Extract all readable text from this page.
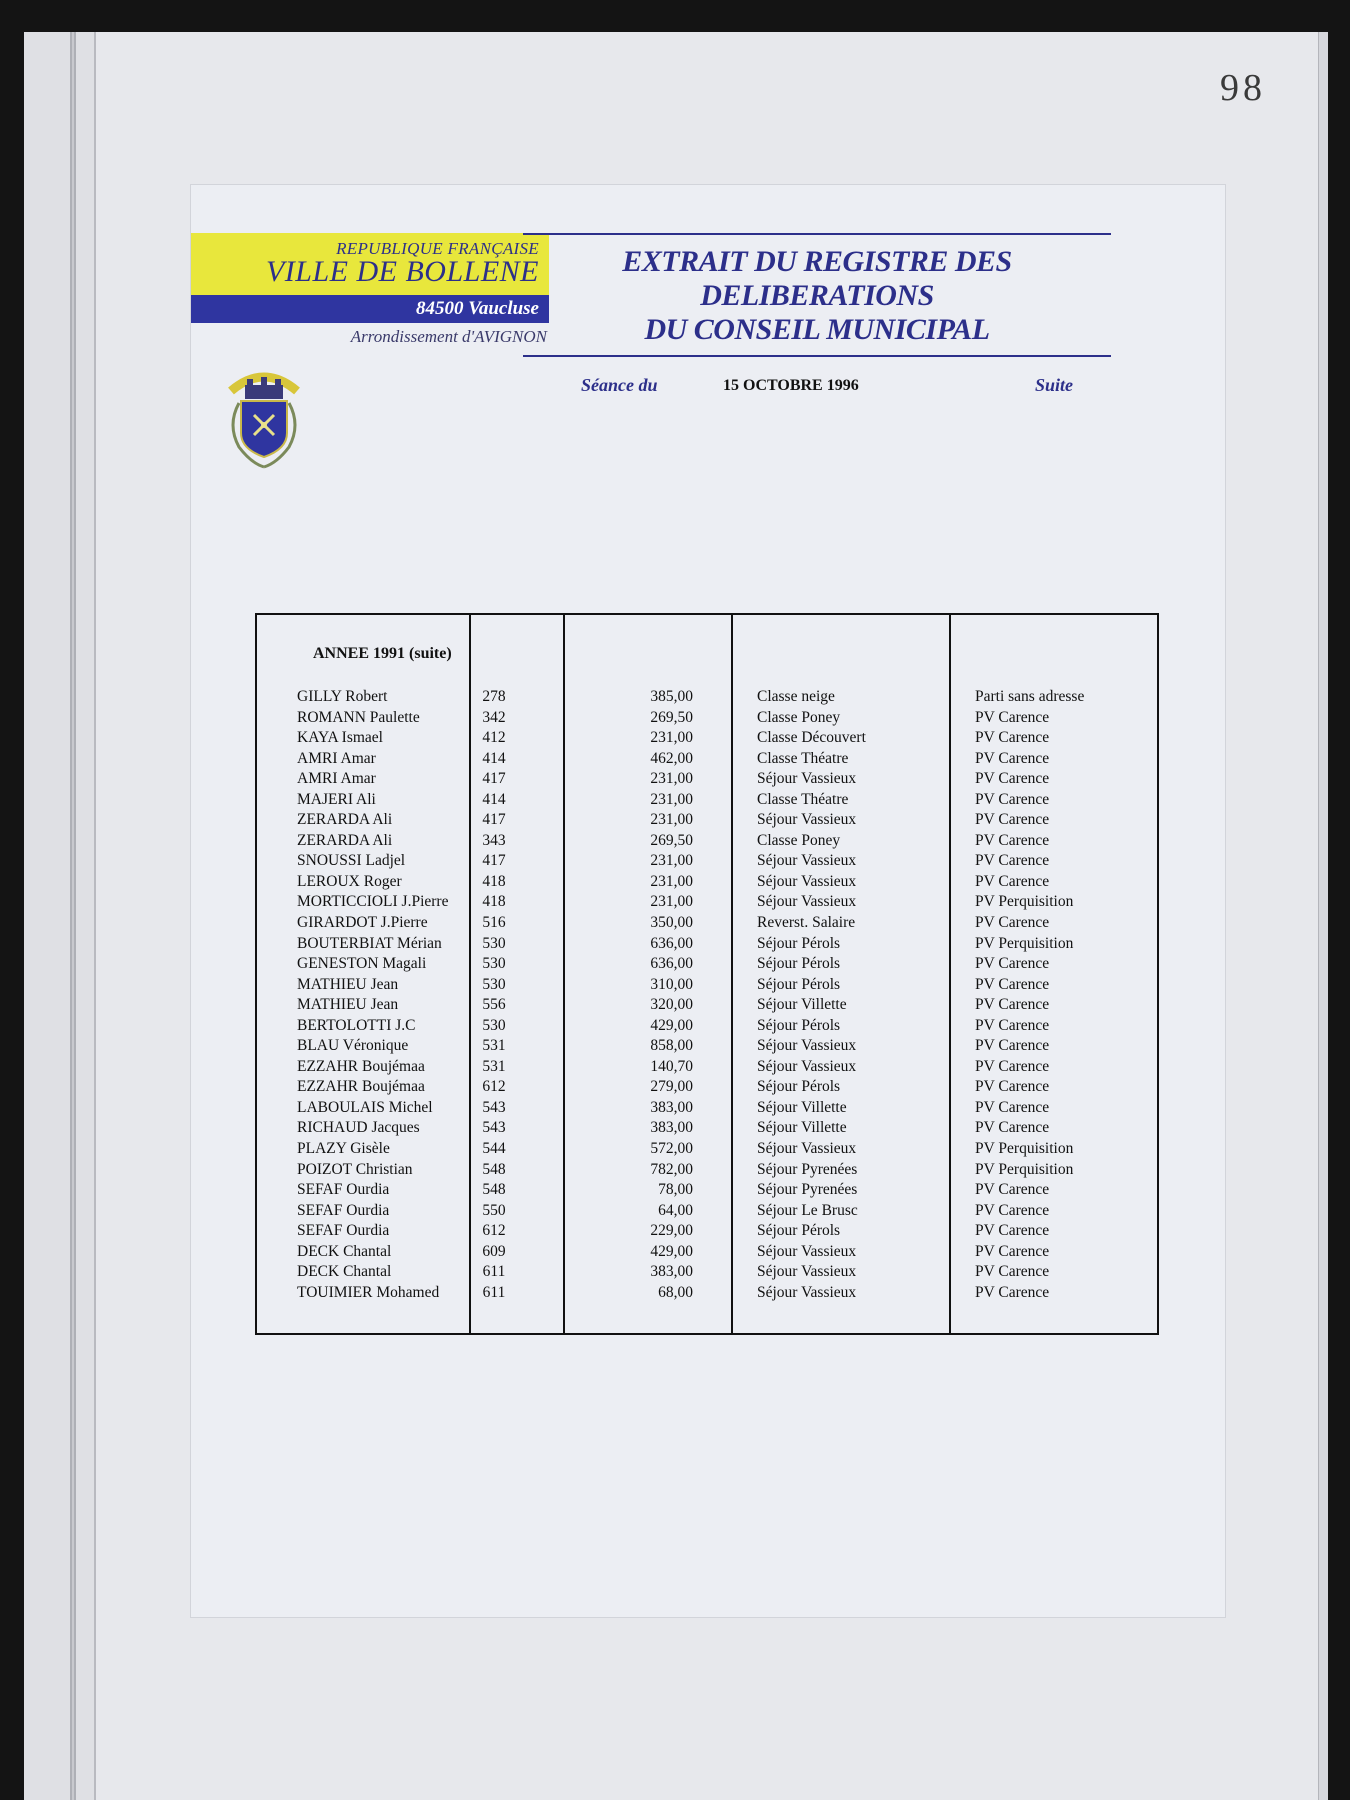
98
REPUBLIQUE FRANÇAISE
VILLE DE BOLLENE
84500 Vaucluse
Arrondissement d'AVIGNON
EXTRAIT DU REGISTRE DES DELIBERATIONS
DU CONSEIL MUNICIPAL
Séance du	15 OCTOBRE 1996	Suite
ANNEE 1991 (suite)
GILLY Robert	278	385,00	Classe neige	Parti sans adresse
ROMANN Paulette	342	269,50	Classe Poney	PV Carence
KAYA Ismael	412	231,00	Classe Découvert	PV Carence
AMRI Amar	414	462,00	Classe Théatre	PV Carence
AMRI Amar	417	231,00	Séjour Vassieux	PV Carence
MAJERI Ali	414	231,00	Classe Théatre	PV Carence
ZERARDA Ali	417	231,00	Séjour Vassieux	PV Carence
ZERARDA Ali	343	269,50	Classe Poney	PV Carence
SNOUSSI Ladjel	417	231,00	Séjour Vassieux	PV Carence
LEROUX Roger	418	231,00	Séjour Vassieux	PV Carence
MORTICCIOLI J.Pierre	418	231,00	Séjour Vassieux	PV Perquisition
GIRARDOT J.Pierre	516	350,00	Reverst. Salaire	PV Carence
BOUTERBIAT Mérian	530	636,00	Séjour Pérols	PV Perquisition
GENESTON Magali	530	636,00	Séjour Pérols	PV Carence
MATHIEU Jean	530	310,00	Séjour Pérols	PV Carence
MATHIEU Jean	556	320,00	Séjour Villette	PV Carence
BERTOLOTTI J.C	530	429,00	Séjour Pérols	PV Carence
BLAU Véronique	531	858,00	Séjour Vassieux	PV Carence
EZZAHR Boujémaa	531	140,70	Séjour Vassieux	PV Carence
EZZAHR Boujémaa	612	279,00	Séjour Pérols	PV Carence
LABOULAIS Michel	543	383,00	Séjour Villette	PV Carence
RICHAUD Jacques	543	383,00	Séjour Villette	PV Carence
PLAZY Gisèle	544	572,00	Séjour Vassieux	PV Perquisition
POIZOT Christian	548	782,00	Séjour Pyrenées	PV Perquisition
SEFAF Ourdia	548	78,00	Séjour Pyrenées	PV Carence
SEFAF Ourdia	550	64,00	Séjour Le Brusc	PV Carence
SEFAF Ourdia	612	229,00	Séjour Pérols	PV Carence
DECK Chantal	609	429,00	Séjour Vassieux	PV Carence
DECK Chantal	611	383,00	Séjour Vassieux	PV Carence
TOUIMIER Mohamed	611	68,00	Séjour Vassieux	PV Carence
